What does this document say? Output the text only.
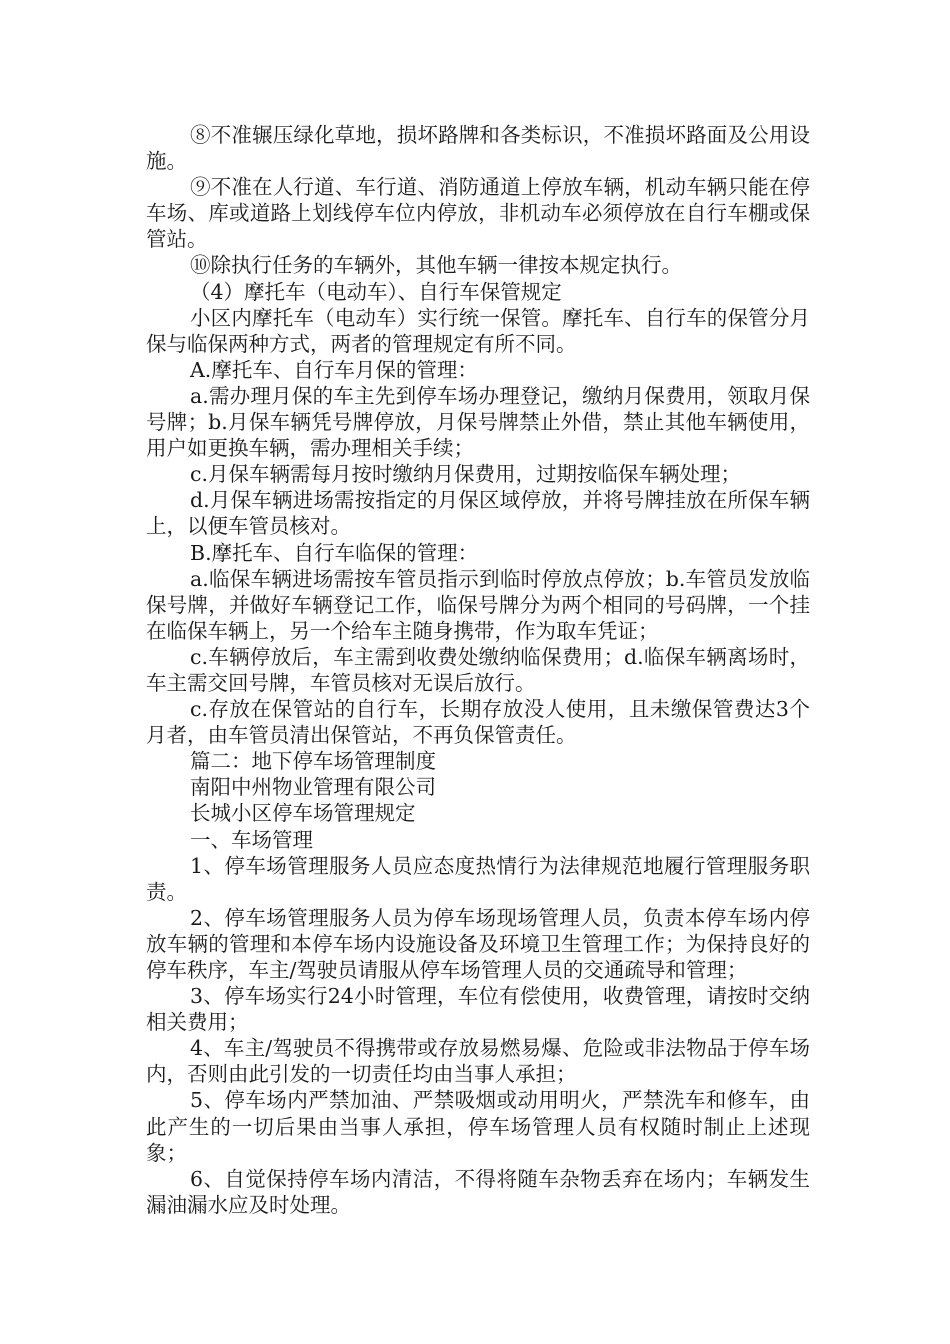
⑧不准辗压绿化草地，损坏路牌和各类标识，不准损坏路面及公用设施。

⑨不准在人行道、车行道、消防通道上停放车辆，机动车辆只能在停车场、库或道路上划线停车位内停放，非机动车必须停放在自行车棚或保管站。

⑩除执行任务的车辆外，其他车辆一律按本规定执行。

（4）摩托车（电动车）、自行车保管规定

小区内摩托车（电动车）实行统一保管。摩托车、自行车的保管分月保与临保两种方式，两者的管理规定有所不同。

A.摩托车、自行车月保的管理：

a.需办理月保的车主先到停车场办理登记，缴纳月保费用，领取月保号牌；b.月保车辆凭号牌停放，月保号牌禁止外借，禁止其他车辆使用，用户如更换车辆，需办理相关手续；

c.月保车辆需每月按时缴纳月保费用，过期按临保车辆处理；

d.月保车辆进场需按指定的月保区域停放，并将号牌挂放在所保车辆上，以便车管员核对。

B.摩托车、自行车临保的管理：

a.临保车辆进场需按车管员指示到临时停放点停放；b.车管员发放临保号牌，并做好车辆登记工作，临保号牌分为两个相同的号码牌，一个挂在临保车辆上，另一个给车主随身携带，作为取车凭证；

c.车辆停放后，车主需到收费处缴纳临保费用；d.临保车辆离场时，车主需交回号牌，车管员核对无误后放行。

c.存放在保管站的自行车，长期存放没人使用，且未缴保管费达3个月者，由车管员清出保管站，不再负保管责任。

篇二：地下停车场管理制度

南阳中州物业管理有限公司

长城小区停车场管理规定

一、车场管理

1、停车场管理服务人员应态度热情行为法律规范地履行管理服务职责。

2、停车场管理服务人员为停车场现场管理人员，负责本停车场内停放车辆的管理和本停车场内设施设备及环境卫生管理工作；为保持良好的停车秩序，车主/驾驶员请服从停车场管理人员的交通疏导和管理；

3、停车场实行24小时管理，车位有偿使用，收费管理，请按时交纳相关费用；

4、车主/驾驶员不得携带或存放易燃易爆、危险或非法物品于停车场内，否则由此引发的一切责任均由当事人承担；

5、停车场内严禁加油、严禁吸烟或动用明火，严禁洗车和修车，由此产生的一切后果由当事人承担，停车场管理人员有权随时制止上述现象；

6、自觉保持停车场内清洁，不得将随车杂物丢弃在场内；车辆发生漏油漏水应及时处理。
